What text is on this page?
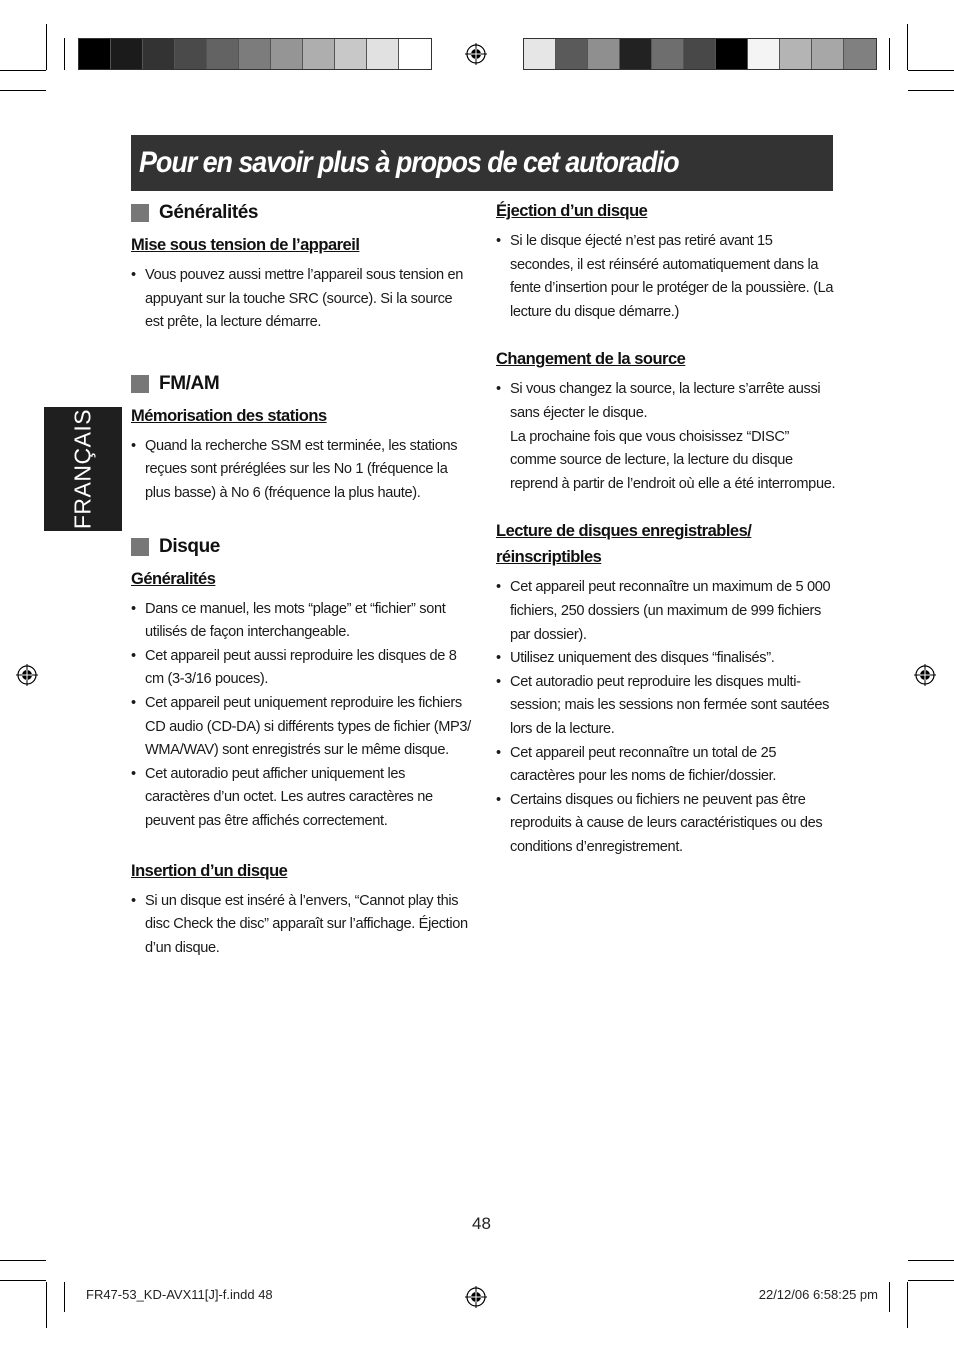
Pour en savoir plus à propos de cet autoradio
FRANÇAIS
Généralités

Mise sous tension de l’appareil

• Vous pouvez aussi mettre l’appareil sous tension en appuyant sur la touche SRC (source). Si la source est prête, la lecture démarre.
FM/AM

Mémorisation des stations

• Quand la recherche SSM est terminée, les stations reçues sont préréglées sur les No 1 (fréquence la plus basse) à No 6 (fréquence la plus haute).
Disque

Généralités

• Dans ce manuel, les mots “plage” et “fichier” sont utilisés de façon interchangeable.
• Cet appareil peut aussi reproduire les disques de 8 cm (3-3/16 pouces).
• Cet appareil peut uniquement reproduire les fichiers CD audio (CD-DA) si différents types de fichier (MP3/ WMA/WAV) sont enregistrés sur le même disque.
• Cet autoradio peut afficher uniquement les caractères d’un octet. Les autres caractères ne peuvent pas être affichés correctement.

Insertion d’un disque

• Si un disque est inséré à l’envers, “Cannot play this disc Check the disc” apparaît sur l’affichage. Éjection d’un disque.

Éjection d’un disque

• Si le disque éjecté n’est pas retiré avant 15 secondes, il est réinséré automatiquement dans la fente d’insertion pour le protéger de la poussière. (La lecture du disque démarre.)

Changement de la source

• Si vous changez la source, la lecture s’arrête aussi sans éjecter le disque.
La prochaine fois que vous choisissez “DISC” comme source de lecture, la lecture du disque reprend à partir de l’endroit où elle a été interrompue.

Lecture de disques enregistrables/
réinscriptibles

• Cet appareil peut reconnaître un maximum de 5 000 fichiers, 250 dossiers (un maximum de 999 fichiers par dossier).
• Utilisez uniquement des disques “finalisés”.
• Cet autoradio peut reproduire les disques multi-session; mais les sessions non fermée sont sautées lors de la lecture.
• Cet appareil peut reconnaître un total de 25 caractères pour les noms de fichier/dossier.
• Certains disques ou fichiers ne peuvent pas être reproduits à cause de leurs caractéristiques ou des conditions d’enregistrement.
48
FR47-53_KD-AVX11[J]-f.indd 48	22/12/06 6:58:25 pm
